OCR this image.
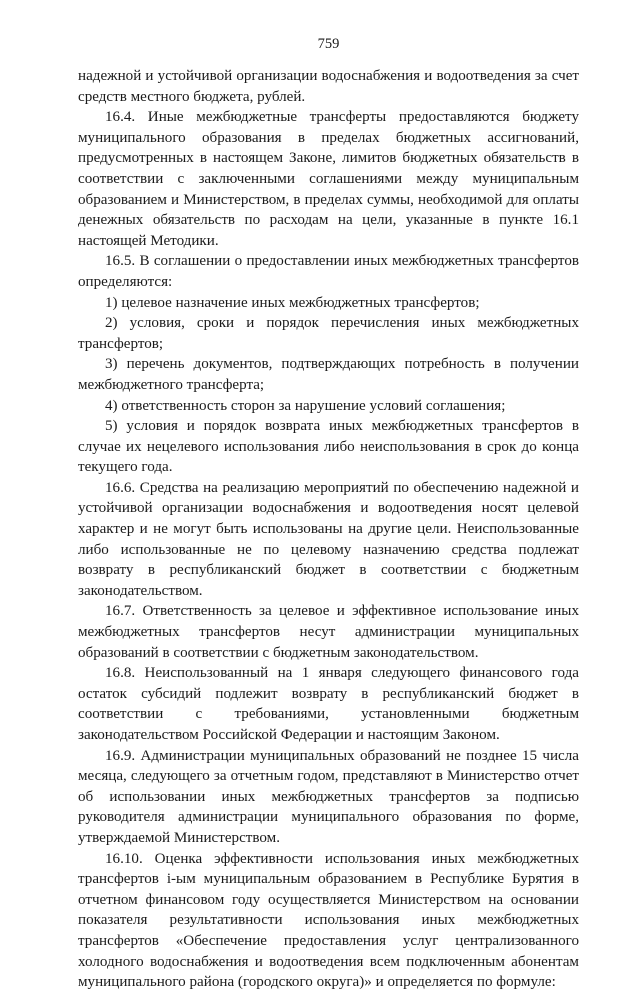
759

надежной и устойчивой организации водоснабжения и водоотведения за счет средств местного бюджета, рублей.

16.4. Иные межбюджетные трансферты предоставляются бюджету муниципального образования в пределах бюджетных ассигнований, предусмотренных в настоящем Законе, лимитов бюджетных обязательств в соответствии с заключенными соглашениями между муниципальным образованием и Министерством, в пределах суммы, необходимой для оплаты денежных обязательств по расходам на цели, указанные в пункте 16.1 настоящей Методики.

16.5. В соглашении о предоставлении иных межбюджетных трансфертов определяются:

1) целевое назначение иных межбюджетных трансфертов;

2) условия, сроки и порядок перечисления иных межбюджетных трансфертов;

3) перечень документов, подтверждающих потребность в получении межбюджетного трансферта;

4) ответственность сторон за нарушение условий соглашения;

5) условия и порядок возврата иных межбюджетных трансфертов в случае их нецелевого использования либо неиспользования в срок до конца текущего года.

16.6. Средства на реализацию мероприятий по обеспечению надежной и устойчивой организации водоснабжения и водоотведения носят целевой характер и не могут быть использованы на другие цели. Неиспользованные либо использованные не по целевому назначению средства подлежат возврату в республиканский бюджет в соответствии с бюджетным законодательством.

16.7. Ответственность за целевое и эффективное использование иных межбюджетных трансфертов несут администрации муниципальных образований в соответствии с бюджетным законодательством.

16.8. Неиспользованный на 1 января следующего финансового года остаток субсидий подлежит возврату в республиканский бюджет в соответствии с требованиями, установленными бюджетным законодательством Российской Федерации и настоящим Законом.

16.9. Администрации муниципальных образований не позднее 15 числа месяца, следующего за отчетным годом, представляют в Министерство отчет об использовании иных межбюджетных трансфертов за подписью руководителя администрации муниципального образования по форме, утверждаемой Министерством.

16.10. Оценка эффективности использования иных межбюджетных трансфертов i-ым муниципальным образованием в Республике Бурятия в отчетном финансовом году осуществляется Министерством на основании показателя результативности использования иных межбюджетных трансфертов «Обеспечение предоставления услуг централизованного холодного водоснабжения и водоотведения всем подключенным абонентам муниципального района (городского округа)» и определяется по формуле:
